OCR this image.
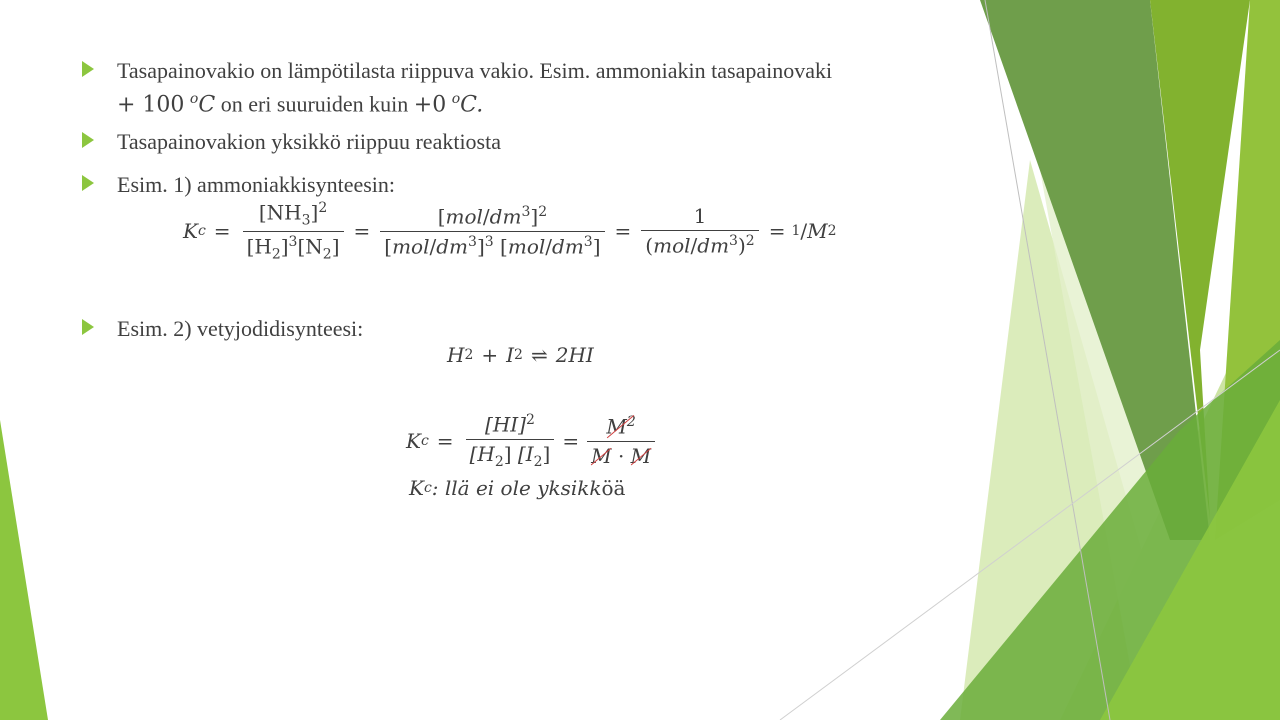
Tasapainovakio on lämpötilasta riippuva vakio. Esim. ammoniakin tasapainovaki
+ 100 $^o$C on eri suuruiden kuin +0 $^o$C.
Tasapainovakion yksikkö riippuu reaktiosta
Esim. 1) ammoniakkisynteesin:
K $c = \frac{[NH_3]^2}{[H_2]^3[N_2]} = \frac{[mol/dm^3]^2}{[mol/dm^3]^3 [mol/dm^3]} = \frac{1}{(mol/dm^3)^2} = 1 / M$ 2
Esim. 2) vetyjodidisynteesi:
H 2 + I 2 ⇌ 2HI
K $c = \frac{[HI]^2}{[H_2] [I_2]} = \frac{M^2}{M \cdot M}$
K c : llä ei ole yksikk öä
